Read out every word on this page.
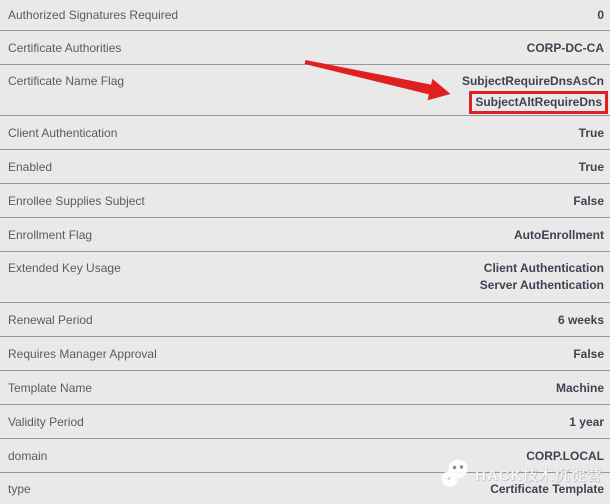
Authorized Signatures Required	0
Certificate Authorities	CORP-DC-CA
Certificate Name Flag	SubjectRequireDnsAsCn
SubjectAltRequireDns
Client Authentication	True
Enabled	True
Enrollee Supplies Subject	False
Enrollment Flag	AutoEnrollment
Extended Key Usage	Client Authentication
Server Authentication
Renewal Period	6 weeks
Requires Manager Approval	False
Template Name	Machine
Validity Period	1 year
domain	CORP.LOCAL
type	Certificate Template
HACK技术沉淀营
